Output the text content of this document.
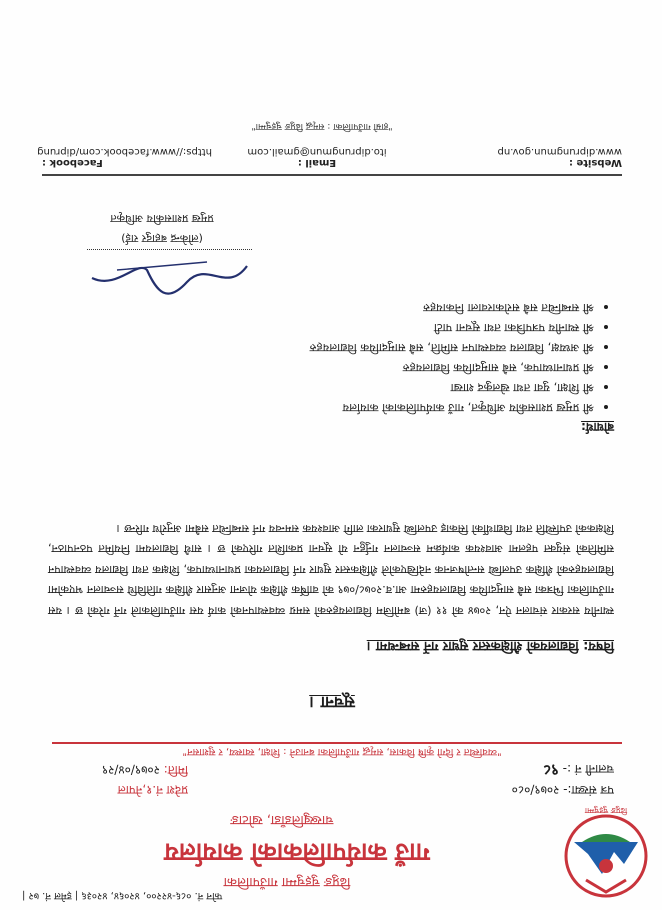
फोन नं. ०८६-४२२००, ४२०६४, ४२०३६ | इमेल नं. ७२ |
ढिप्रुङ चुइचुम्मा
ढिप्रुङ चुइचुम्मा गाउँपालिका
गाउँ कार्यपालिकाको कार्यालय
चाख्खुलिडाँडा, खोटाङ
पत्र संख्या:- २०७९/०८०
चलानी नं :- ९८
प्रदेश नं.१,नेपाल
मिति: २०७९/०४/२९
"व्यवस्थित र दिगो कृषि विकास, समृद्ध गाउँपालिका बनाउने : शिक्षा, स्वास्थ्य, र सुशासन"
सूचना ।
विषय: विद्यालयको शैक्षिकस्तर सुधार गर्ने सम्बन्धमा ।
स्थानीय सरकार संचालन ऐन, २०७४ को ११ (ज) बमोजिम विद्यालयहरुको समग्र व्यवस्थापनको कार्य यस गाउँपालिकाले गर्ने गरेको छ । यस गाउँपालिका भित्रका सबै सामुदायिक विद्यालयहरुमा आ.व.२०७८/०७९ को वार्षिक शैक्षिक योजना अनुसार शैक्षिक गतिविधि सञ्चालन भएकोमा विद्यालयहरुको शैक्षिक उपलब्धि सन्तोषजनक नदेखिएकोले शैक्षिकस्तर सुधार गर्न विद्यालयका प्रधानाध्यापक, शिक्षक तथा विद्यालय व्यवस्थापन समितिको संयुक्त पहलमा आवश्यक कार्यक्रम सञ्चालन गर्नुहुन यो सूचना प्रकाशित गरिएको छ । साथै विद्यालयमा नियमित पठनपाठन, शिक्षकको उपस्थिति तथा विद्यार्थीको सिकाइ उपलब्धि सुधारका लागि आवश्यक समन्वय गर्न सम्बन्धित सबैमा अनुरोध गरिन्छ ।
बोधार्थ:
• श्री प्रमुख प्रशासकीय अधिकृत, गाउँ कार्यपालिकाको कार्यालय
• श्री शिक्षा, युवा तथा खेलकुद शाखा
• श्री प्रधानाध्यापक, सबै सामुदायिक विद्यालयहरु
• श्री अध्यक्ष, विद्यालय व्यवस्थापन समिति, सबै सामुदायिक विद्यालयहरु
• श्री स्थानीय पत्रपत्रिका तथा सूचना पाटी
• श्री सम्बन्धित सबै सरोकारवाला निकायहरु
(लोकेन्द्र बहादुर राई)
प्रमुख प्रशासकीय अधिकृत
Website :
www.diprungmun.gov.np
Email :
ito.diprungmun@gmail.com
Facebook :
https://www.facebook.com/diprung
"हाम्रो गाउँपालिका : समृद्ध ढिप्रुङ चुइचुम्मा"
